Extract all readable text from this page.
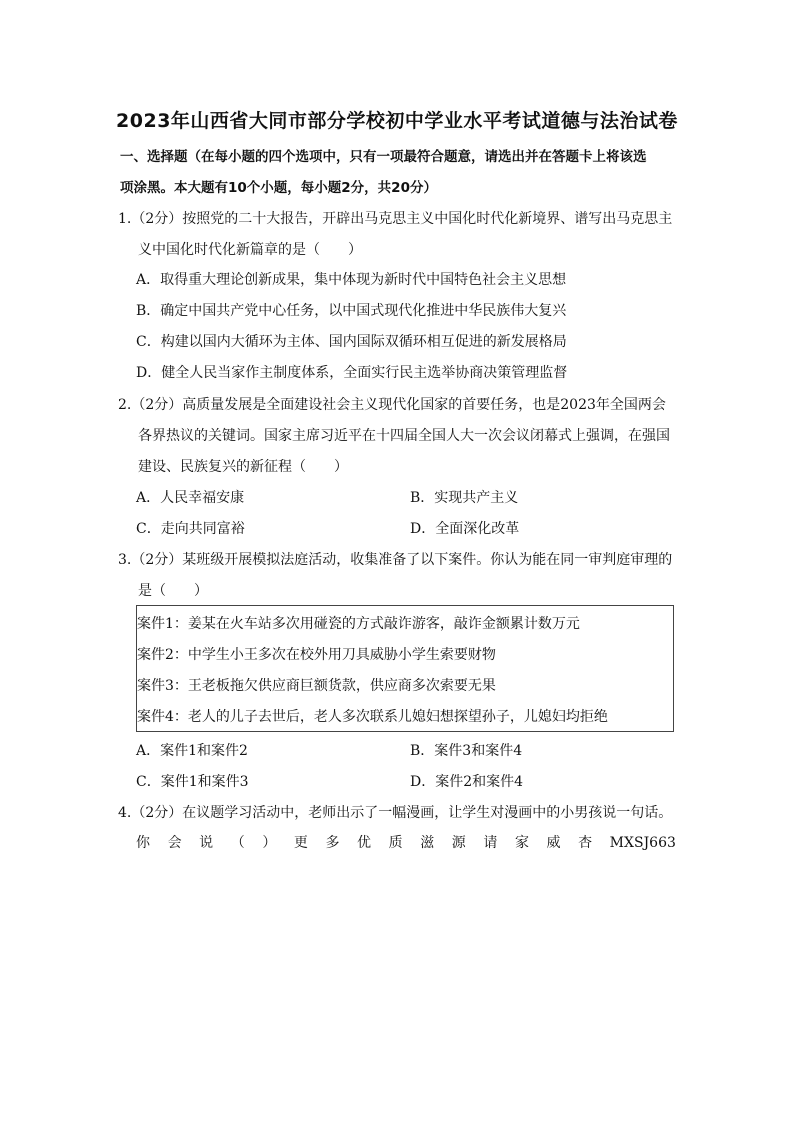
2023年山西省大同市部分学校初中学业水平考试道德与法治试卷
一、选择题（在每小题的四个选项中，只有一项最符合题意，请选出并在答题卡上将该选
项涂黑。本大题有10个小题，每小题2分，共20分）
1.（2分）按照党的二十大报告，开辟出马克思主义中国化时代化新境界、谱写出马克思主
义中国化时代化新篇章的是（　　）
A．取得重大理论创新成果，集中体现为新时代中国特色社会主义思想
B．确定中国共产党中心任务，以中国式现代化推进中华民族伟大复兴
C．构建以国内大循环为主体、国内国际双循环相互促进的新发展格局
D．健全人民当家作主制度体系，全面实行民主选举协商决策管理监督
2.（2分）高质量发展是全面建设社会主义现代化国家的首要任务，也是2023年全国两会
各界热议的关键词。国家主席习近平在十四届全国人大一次会议闭幕式上强调，在强国
建设、民族复兴的新征程（　　）
A．人民幸福安康	B．实现共产主义
C．走向共同富裕	D．全面深化改革
3.（2分）某班级开展模拟法庭活动，收集准备了以下案件。你认为能在同一审判庭审理的
是（　　）
案件1：姜某在火车站多次用碰瓷的方式敲诈游客，敲诈金额累计数万元
案件2：中学生小王多次在校外用刀具威胁小学生索要财物
案件3：王老板拖欠供应商巨额货款，供应商多次索要无果
案件4：老人的儿子去世后，老人多次联系儿媳妇想探望孙子，儿媳妇均拒绝
A．案件1和案件2	B．案件3和案件4
C．案件1和案件3	D．案件2和案件4
4.（2分）在议题学习活动中，老师出示了一幅漫画，让学生对漫画中的小男孩说一句话。
你 会 说 （ ） 更 多 优 质 滋 源 请 家 威 杏 MXSJ663
